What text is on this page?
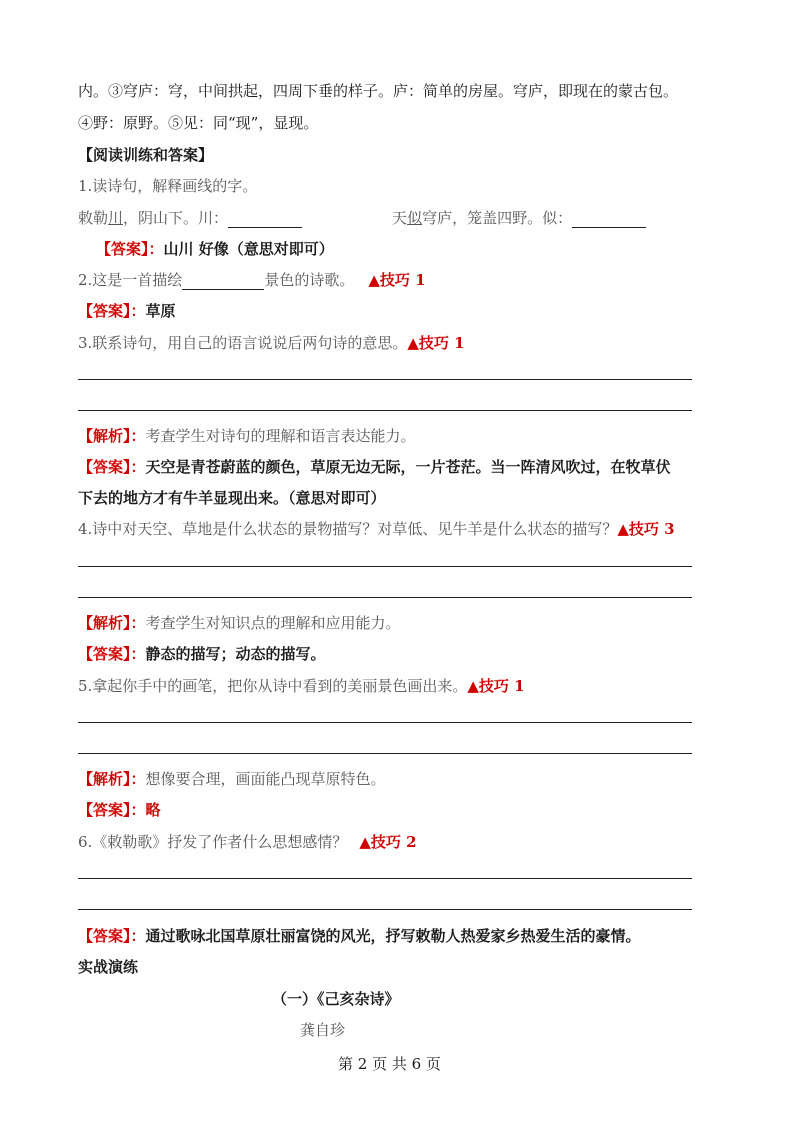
内。③穹庐：穹，中间拱起，四周下垂的样子。庐：简单的房屋。穹庐，即现在的蒙古包。
④野：原野。⑤见：同“现”，显现。
【阅读训练和答案】
1.读诗句，解释画线的字。
敕勒川，阴山下。川：	天似穹庐，笼盖四野。似：
【答案】：山川 好像（意思对即可）
2.这是一首描绘	景色的诗歌。 ▲技巧 1
【答案】：草原
3.联系诗句，用自己的语言说说后两句诗的意思。▲技巧 1
【解析】：考查学生对诗句的理解和语言表达能力。
【答案】：天空是青苍蔚蓝的颜色，草原无边无际，一片苍茫。当一阵清风吹过，在牧草伏
下去的地方才有牛羊显现出来。（意思对即可）
4.诗中对天空、草地是什么状态的景物描写？对草低、见牛羊是什么状态的描写？▲技巧 3
【解析】：考查学生对知识点的理解和应用能力。
【答案】：静态的描写；动态的描写。
5.拿起你手中的画笔，把你从诗中看到的美丽景色画出来。▲技巧 1
【解析】：想像要合理，画面能凸现草原特色。
【答案】：略
6.《敕勒歌》抒发了作者什么思想感情？ ▲技巧 2
【答案】：通过歌咏北国草原壮丽富饶的风光，抒写敕勒人热爱家乡热爱生活的豪情。
实战演练
（一）《己亥杂诗》
龚自珍
第 2 页 共 6 页
